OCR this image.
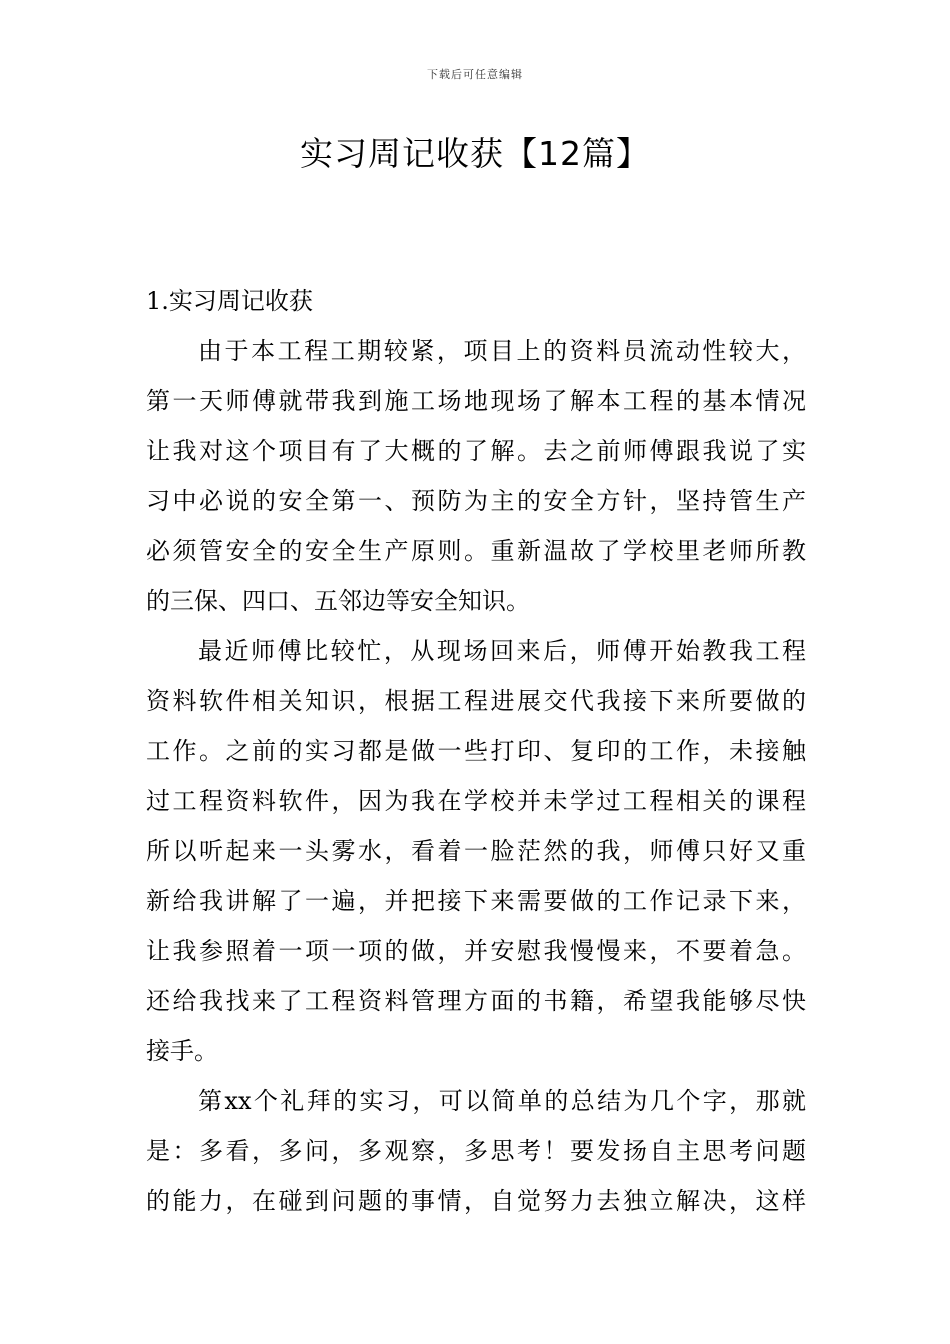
下载后可任意编辑
实习周记收获【12篇】

1.实习周记收获

由于本工程工期较紧，项目上的资料员流动性较大，
第一天师傅就带我到施工场地现场了解本工程的基本情况
让我对这个项目有了大概的了解。去之前师傅跟我说了实
习中必说的安全第一、预防为主的安全方针，坚持管生产
必须管安全的安全生产原则。重新温故了学校里老师所教
的三保、四口、五邻边等安全知识。

最近师傅比较忙，从现场回来后，师傅开始教我工程
资料软件相关知识，根据工程进展交代我接下来所要做的
工作。之前的实习都是做一些打印、复印的工作，未接触
过工程资料软件，因为我在学校并未学过工程相关的课程
所以听起来一头雾水，看着一脸茫然的我，师傅只好又重
新给我讲解了一遍，并把接下来需要做的工作记录下来，
让我参照着一项一项的做，并安慰我慢慢来，不要着急。
还给我找来了工程资料管理方面的书籍，希望我能够尽快
接手。

第xx个礼拜的实习，可以简单的总结为几个字，那就
是：多看，多问，多观察，多思考！要发扬自主思考问题
的能力，在碰到问题的事情，自觉努力去独立解决，这样
